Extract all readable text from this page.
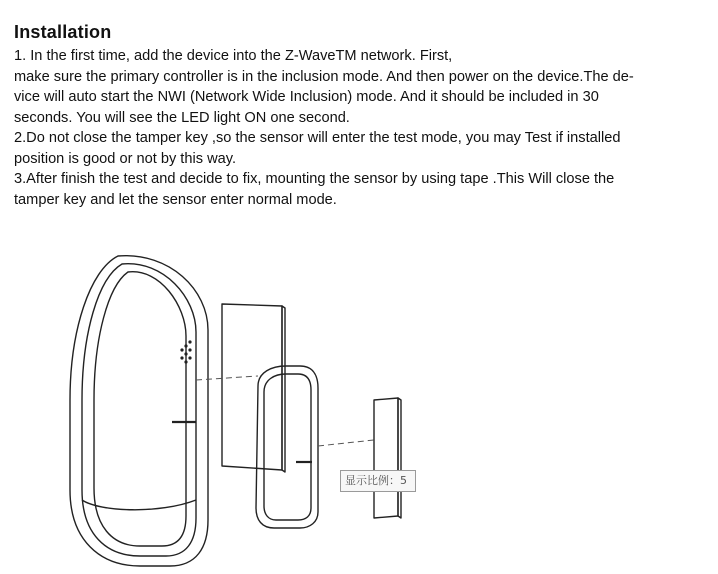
Installation
1. In the first time, add the device into the Z-WaveTM network. First,
make sure the primary controller is in the inclusion mode. And then power on the device.The de-
vice will auto start the NWI (Network Wide Inclusion) mode. And it should be included in 30
seconds. You will see the LED light ON one second.
2.Do not close the tamper key ,so the sensor will enter the test mode, you may Test if installed
position is good or not by this way.
3.After finish the test and decide to fix, mounting the sensor by using tape .This Will close the
tamper key and let the sensor enter normal mode.
显示比例：5
